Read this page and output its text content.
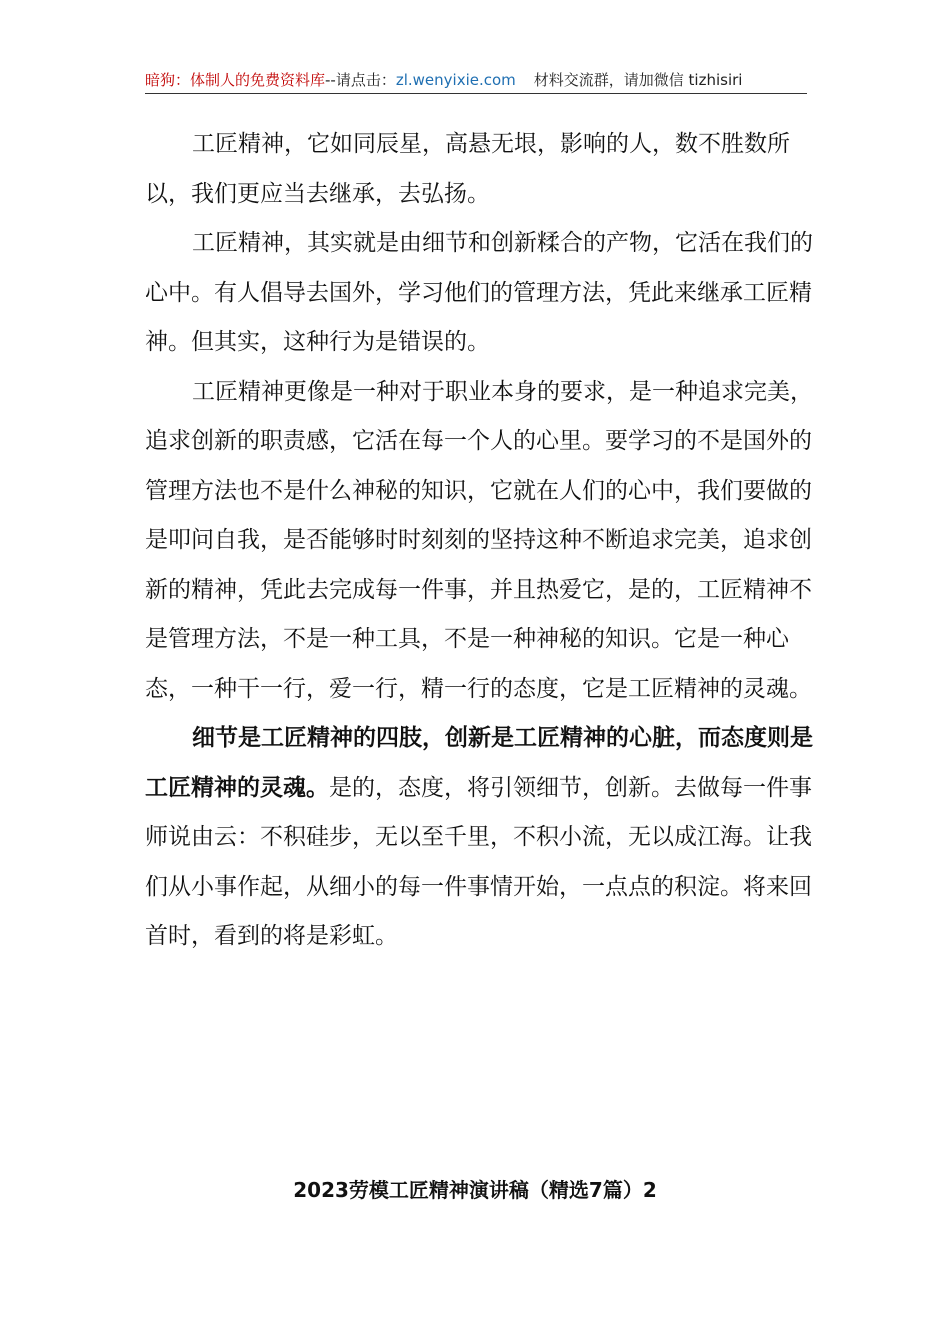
暗狗：体制人的免费资料库--请点击：zl.wenyixie.com 材料交流群，请加微信 tizhisiri

工匠精神，它如同辰星，高悬无垠，影响的人，数不胜数所以，我们更应当去继承，去弘扬。

工匠精神，其实就是由细节和创新糅合的产物，它活在我们的心中。有人倡导去国外，学习他们的管理方法，凭此来继承工匠精神。但其实，这种行为是错误的。

工匠精神更像是一种对于职业本身的要求，是一种追求完美，追求创新的职责感，它活在每一个人的心里。要学习的不是国外的管理方法也不是什么神秘的知识，它就在人们的心中，我们要做的是叩问自我，是否能够时时刻刻的坚持这种不断追求完美，追求创新的精神，凭此去完成每一件事，并且热爱它，是的，工匠精神不是管理方法，不是一种工具，不是一种神秘的知识。它是一种心态，一种干一行，爱一行，精一行的态度，它是工匠精神的灵魂。

细节是工匠精神的四肢，创新是工匠精神的心脏，而态度则是工匠精神的灵魂。是的，态度，将引领细节，创新。去做每一件事师说由云：不积硅步，无以至千里，不积小流，无以成江海。让我们从小事作起，从细小的每一件事情开始，一点点的积淀。将来回首时，看到的将是彩虹。

2023劳模工匠精神演讲稿（精选7篇）2
